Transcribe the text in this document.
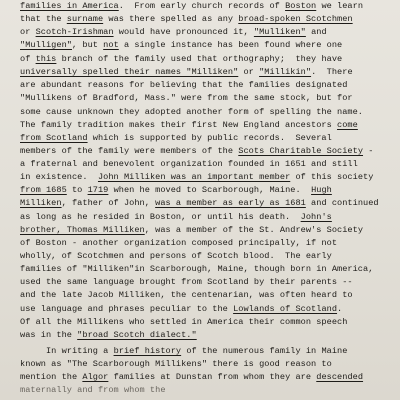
families in America.  From early church records of Boston we learn

that the surname was there spelled as any broad-spoken Scotchmen

or Scotch-Irishman would have pronounced it, "Mulliken" and

"Mulligen", but not a single instance has been found where one

of this branch of the family used that orthography;  they have

universally spelled their names "Milliken" or "Millikin".  There

are abundant reasons for believing that the families designated

"Mullikens of Bradford, Mass." were from the same stock, but for

some cause unknown they adopted another form of spelling the name.

The family tradition makes their first New England ancestors come

from Scotland which is supported by public records.  Several

members of the family were members of the Scots Charitable Society -

a fraternal and benevolent organization founded in 1651 and still

in existence.  John Milliken was an important member of this society

from 1685 to 1719 when he moved to Scarborough, Maine.  Hugh

Milliken, father of John, was a member as early as 1681 and continued

as long as he resided in Boston, or until his death.  John's

brother, Thomas Milliken, was a member of the St. Andrew's Society

of Boston - another organization composed principally, if not

wholly, of Scotchmen and persons of Scotch blood.  The early

families of "Milliken"in Scarborough, Maine, though born in America,

used the same language brought from Scotland by their parents --

and the late Jacob Milliken, the centenarian, was often heard to

use language and phrases peculiar to the Lowlands of Scotland.

Of all the Millikens who settled in America their common speech

was in the "broad Scotch dialect."

In writing a brief history of the numerous family in Maine

known as "The Scarborough Millikens" there is good reason to

mention the Algor families at Dunstan from whom they are descended

maternally and from whom the
